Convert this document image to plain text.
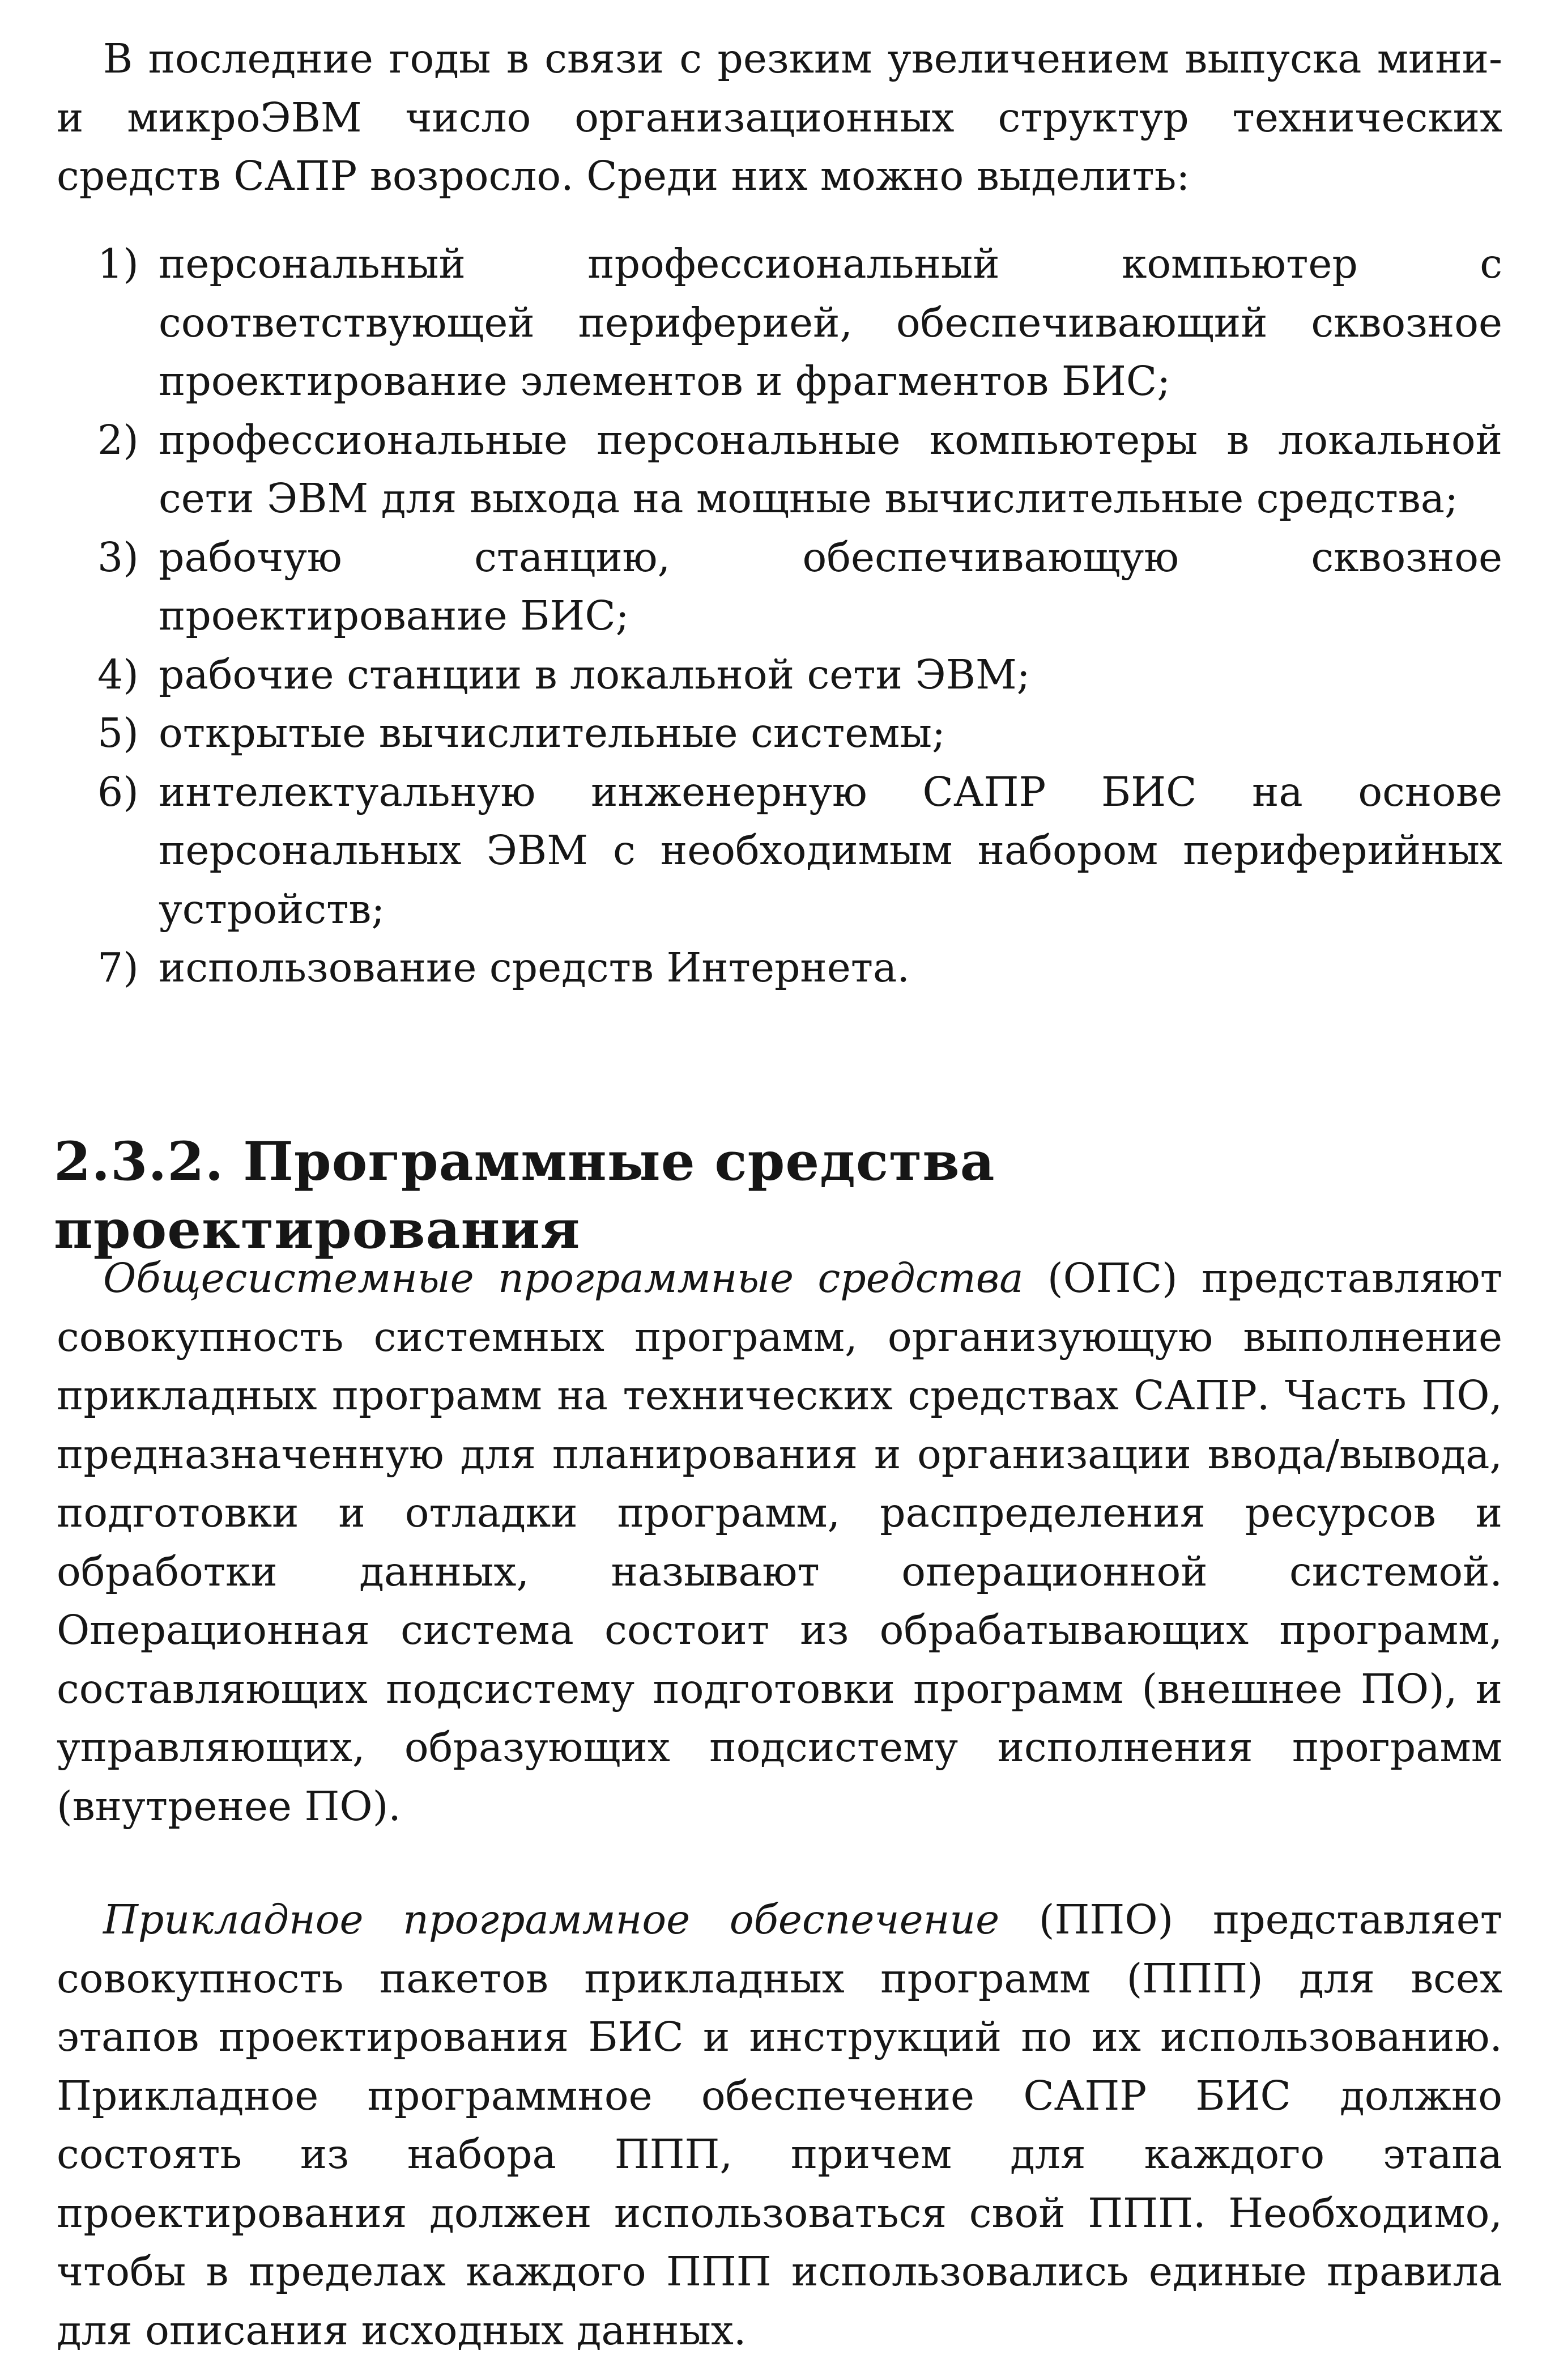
В последние годы в связи с резким увеличением выпуска мини- и микроЭВМ число организационных структур технических средств САПР возросло. Среди них можно выделить:

1) персональный профессиональный компьютер с соответствующей периферией, обеспечивающий сквозное проектирование элементов и фрагментов БИС;
2) профессиональные персональные компьютеры в локальной сети ЭВМ для выхода на мощные вычислительные средства;
3) рабочую станцию, обеспечивающую сквозное проектирование БИС;
4) рабочие станции в локальной сети ЭВМ;
5) открытые вычислительные системы;
6) интелектуальную инженерную САПР БИС на основе персональных ЭВМ с необходимым набором периферийных устройств;
7) использование средств Интернета.
2.3.2. Программные средства проектирования

Общесистемные программные средства (ОПС) представляют совокупность системных программ, организующую выполнение прикладных программ на технических средствах САПР. Часть ПО, предназначенную для планирования и организации ввода/вывода, подготовки и отладки программ, распределения ресурсов и обработки данных, называют операционной системой. Операционная система состоит из обрабатывающих программ, составляющих подсистему подготовки программ (внешнее ПО), и управляющих, образующих подсистему исполнения программ (внутренее ПО).

Прикладное программное обеспечение (ППО) представляет совокупность пакетов прикладных программ (ППП) для всех этапов проектирования БИС и инструкций по их использованию. Прикладное программное обеспечение САПР БИС должно состоять из набора ППП, причем для каждого этапа проектирования должен использоваться свой ППП. Необходимо, чтобы в пределах каждого ППП использовались единые правила для описания исходных данных.
